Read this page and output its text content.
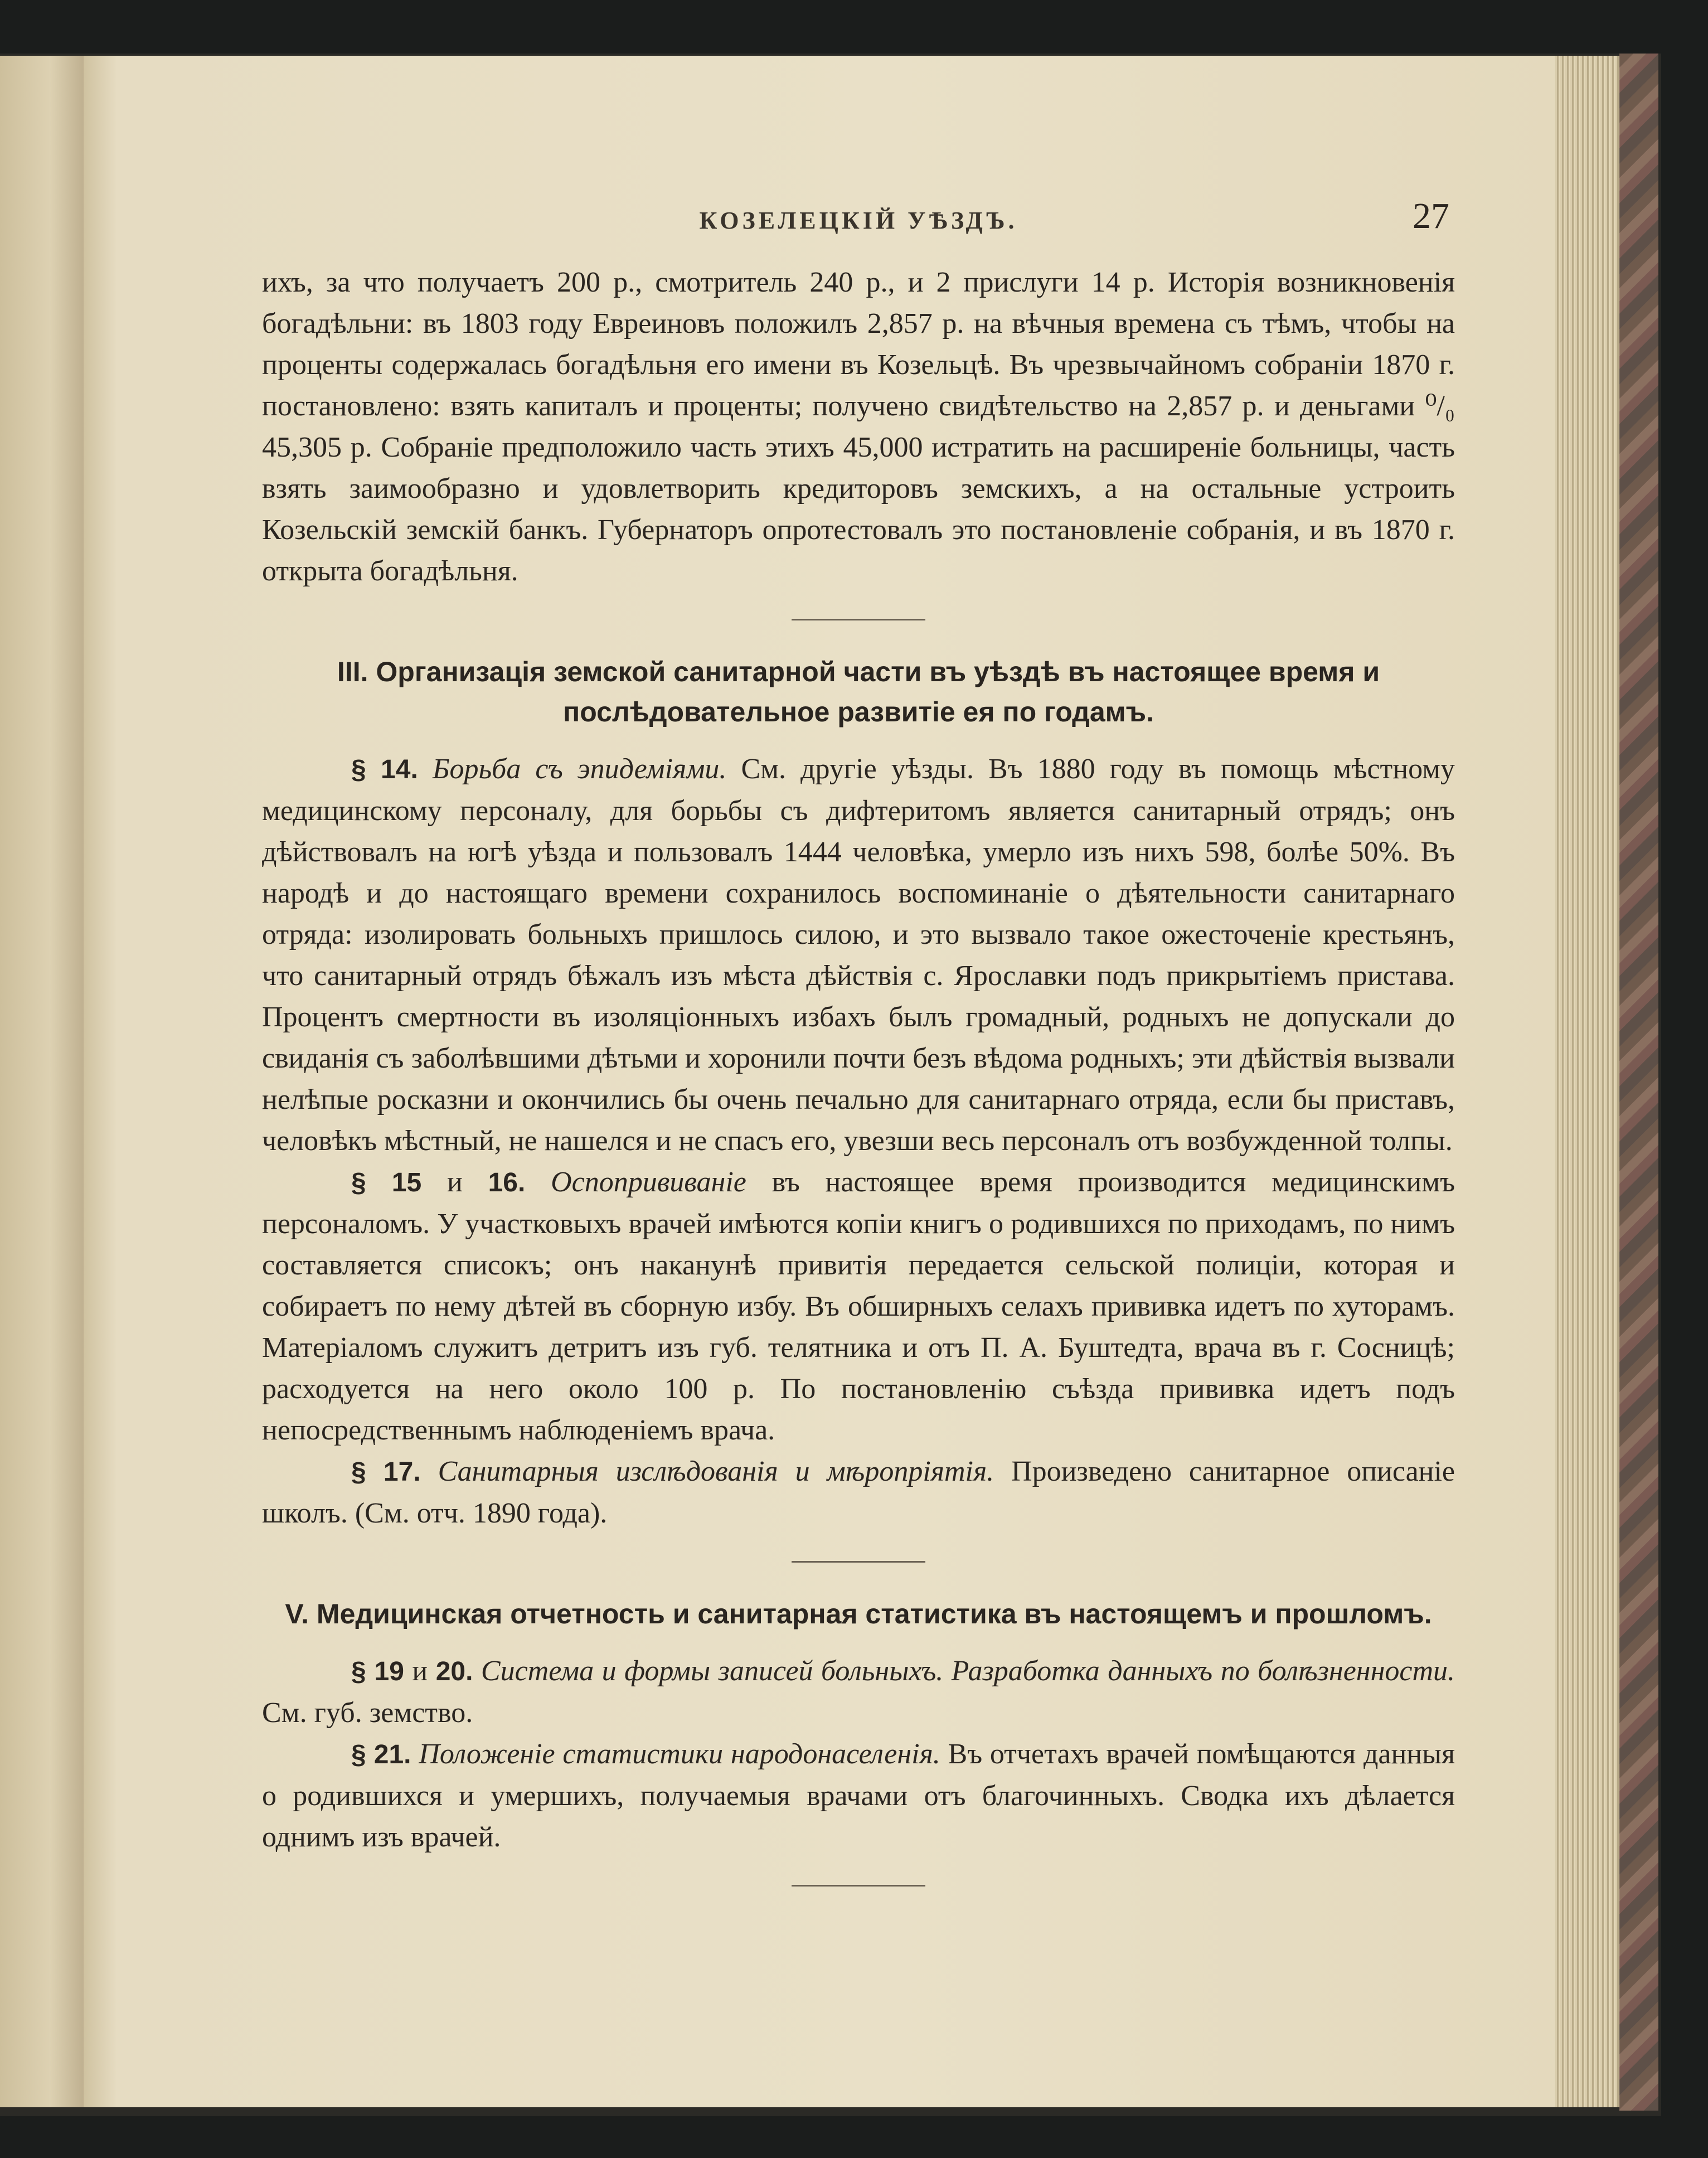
КОЗЕЛЕЦКІЙ УѢЗДЪ.	27

ихъ, за что получаетъ 200 р., смотритель 240 р., и 2 прислуги 14 р. Исторія возникновенія богадѣльни: въ 1803 году Евреиновъ положилъ 2,857 р. на вѣчныя времена съ тѣмъ, чтобы на проценты содержалась богадѣльня его имени въ Козельцѣ. Въ чрезвычайномъ собраніи 1870 г. постановлено: взять капиталъ и проценты; получено свидѣтельство на 2,857 р. и деньгами ⁰/₀ 45,305 р. Собраніе предположило часть этихъ 45,000 истратить на расширеніе больницы, часть взять заимообразно и удовлетворить кредиторовъ земскихъ, а на остальные устроить Козельскій земскій банкъ. Губернаторъ опротестовалъ это постановленіе собранія, и въ 1870 г. открыта богадѣльня.

III. Организація земской санитарной части въ уѣздѣ въ настоящее время и послѣдовательное развитіе ея по годамъ.

§ 14. Борьба съ эпидеміями. См. другіе уѣзды. Въ 1880 году въ помощь мѣстному медицинскому персоналу, для борьбы съ дифтеритомъ является санитарный отрядъ; онъ дѣйствовалъ на югѣ уѣзда и пользовалъ 1444 человѣка, умерло изъ нихъ 598, болѣе 50%. Въ народѣ и до настоящаго времени сохранилось воспоминаніе о дѣятельности санитарнаго отряда: изолировать больныхъ пришлось силою, и это вызвало такое ожесточеніе крестьянъ, что санитарный отрядъ бѣжалъ изъ мѣста дѣйствія с. Ярославки подъ прикрытіемъ пристава. Процентъ смертности въ изоляціонныхъ избахъ былъ громадный, родныхъ не допускали до свиданія съ заболѣвшими дѣтьми и хоронили почти безъ вѣдома родныхъ; эти дѣйствія вызвали нелѣпые росказни и окончились бы очень печально для санитарнаго отряда, если бы приставъ, человѣкъ мѣстный, не нашелся и не спасъ его, увезши весь персоналъ отъ возбужденной толпы.

§ 15 и 16. Оспопрививаніе въ настоящее время производится медицинскимъ персоналомъ. У участковыхъ врачей имѣются копіи книгъ о родившихся по приходамъ, по нимъ составляется списокъ; онъ наканунѣ привитія передается сельской полиціи, которая и собираетъ по нему дѣтей въ сборную избу. Въ обширныхъ селахъ прививка идетъ по хуторамъ. Матеріаломъ служитъ детритъ изъ губ. телятника и отъ П. А. Буштедта, врача въ г. Сосницѣ; расходуется на него около 100 р. По постановленію съѣзда прививка идетъ подъ непосредственнымъ наблюденіемъ врача.

§ 17. Санитарныя изслѣдованія и мѣропріятія. Произведено санитарное описаніе школъ. (См. отч. 1890 года).

V. Медицинская отчетность и санитарная статистика въ настоящемъ и прошломъ.

§ 19 и 20. Система и формы записей больныхъ. Разработка данныхъ по болѣзненности. См. губ. земство.

§ 21. Положеніе статистики народонаселенія. Въ отчетахъ врачей помѣщаются данныя о родившихся и умершихъ, получаемыя врачами отъ благочинныхъ. Сводка ихъ дѣлается однимъ изъ врачей.
